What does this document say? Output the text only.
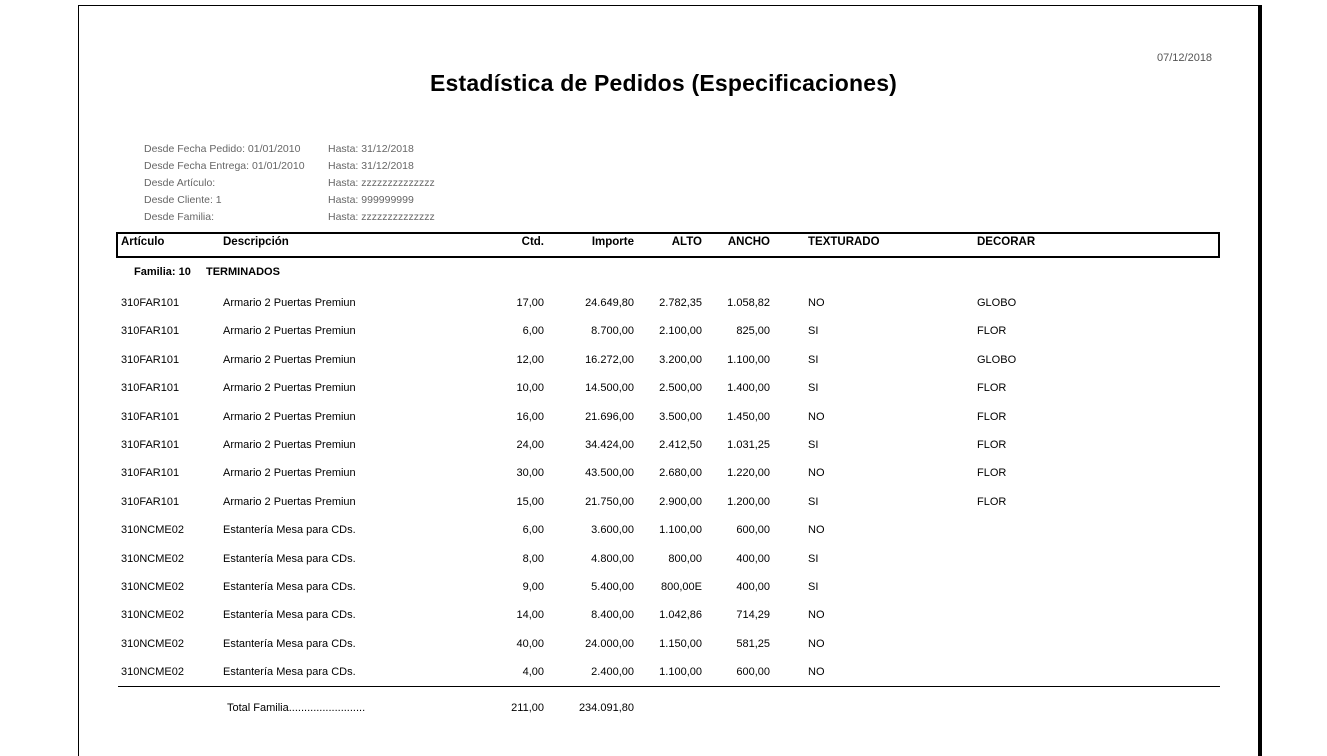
07/12/2018
Estadística de Pedidos (Especificaciones)
Desde Fecha Pedido: 01/01/2010	Hasta: 31/12/2018
Desde Fecha Entrega: 01/01/2010 Hasta: 31/12/2018
Desde Artículo:	Hasta: zzzzzzzzzzzzzz
Desde Cliente: 1	Hasta: 999999999
Desde Familia:	Hasta: zzzzzzzzzzzzzz
Artículo	Descripción	Ctd.	Importe	ALTO	ANCHO	TEXTURADO	DECORAR
Familia: 10 TERMINADOS
310FAR101	Armario 2 Puertas Premiun	17,00	24.649,80	2.782,35	1.058,82	NO	GLOBO
310FAR101	Armario 2 Puertas Premiun	6,00	8.700,00	2.100,00	825,00	SI	FLOR
310FAR101	Armario 2 Puertas Premiun	12,00	16.272,00	3.200,00	1.100,00	SI	GLOBO
310FAR101	Armario 2 Puertas Premiun	10,00	14.500,00	2.500,00	1.400,00	SI	FLOR
310FAR101	Armario 2 Puertas Premiun	16,00	21.696,00	3.500,00	1.450,00	NO	FLOR
310FAR101	Armario 2 Puertas Premiun	24,00	34.424,00	2.412,50	1.031,25	SI	FLOR
310FAR101	Armario 2 Puertas Premiun	30,00	43.500,00	2.680,00	1.220,00	NO	FLOR
310FAR101	Armario 2 Puertas Premiun	15,00	21.750,00	2.900,00	1.200,00	SI	FLOR
310NCME02	Estantería Mesa para CDs.	6,00	3.600,00	1.100,00	600,00	NO
310NCME02	Estantería Mesa para CDs.	8,00	4.800,00	800,00	400,00	SI
310NCME02	Estantería Mesa para CDs.	9,00	5.400,00	800,00E	400,00	SI
310NCME02	Estantería Mesa para CDs.	14,00	8.400,00	1.042,86	714,29	NO
310NCME02	Estantería Mesa para CDs.	40,00	24.000,00	1.150,00	581,25	NO
310NCME02	Estantería Mesa para CDs.	4,00	2.400,00	1.100,00	600,00	NO
Total Familia.........................	211,00	234.091,80
